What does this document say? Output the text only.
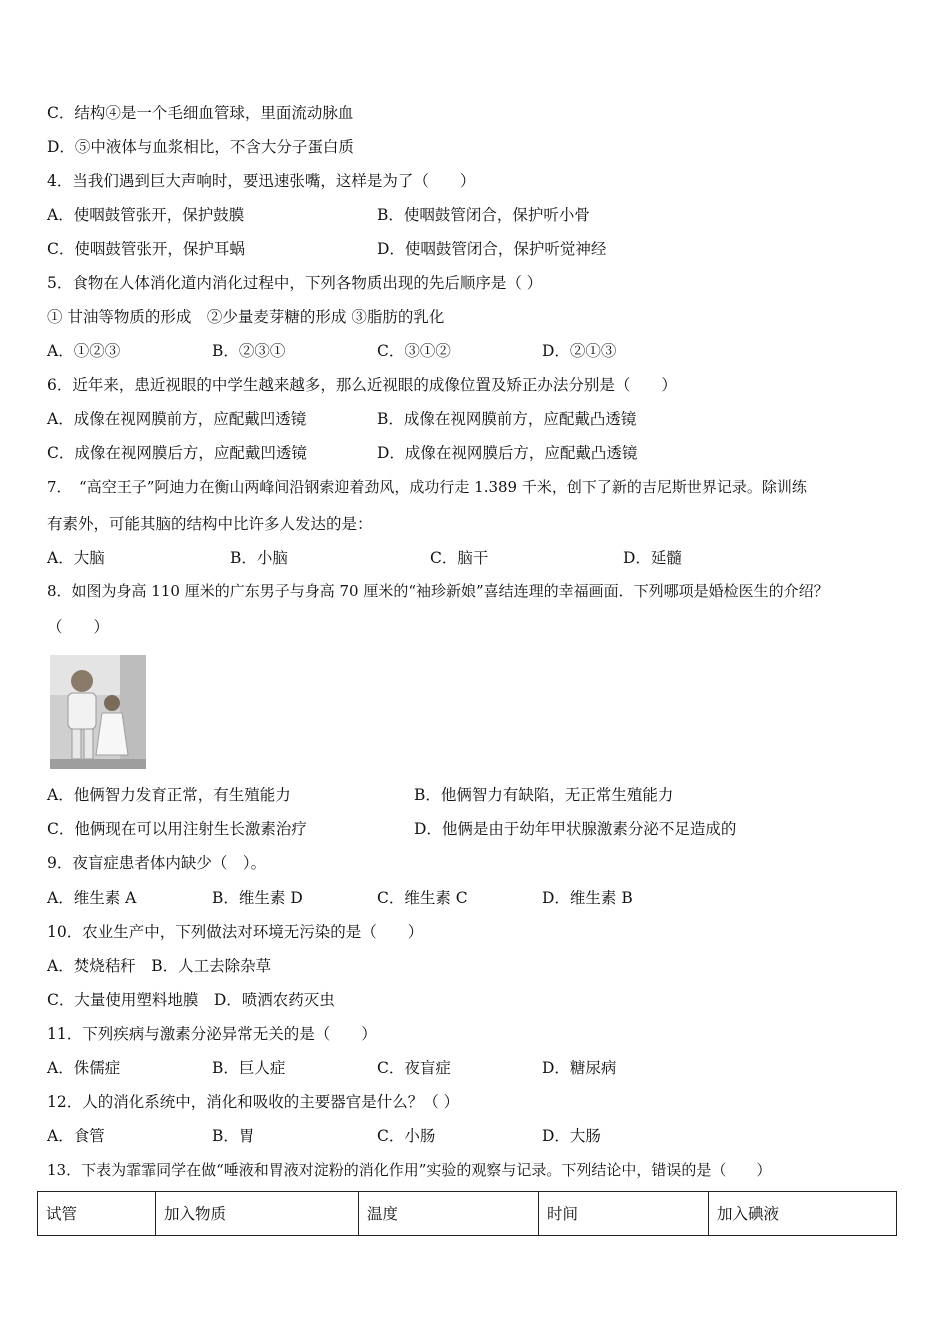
C．结构④是一个毛细血管球，里面流动脉血
D．⑤中液体与血浆相比，不含大分子蛋白质
4．当我们遇到巨大声响时，要迅速张嘴，这样是为了（　　）
A．使咽鼓管张开，保护鼓膜	B．使咽鼓管闭合，保护听小骨
C．使咽鼓管张开，保护耳蜗	D．使咽鼓管闭合，保护听觉神经
5．食物在人体消化道内消化过程中，下列各物质出现的先后顺序是（ ）
① 甘油等物质的形成　②少量麦芽糖的形成 ③脂肪的乳化
A．①②③	B．②③①	C．③①②	D．②①③
6．近年来，患近视眼的中学生越来越多，那么近视眼的成像位置及矫正办法分别是（　　）
A．成像在视网膜前方，应配戴凹透镜	B．成像在视网膜前方，应配戴凸透镜
C．成像在视网膜后方，应配戴凹透镜	D．成像在视网膜后方，应配戴凸透镜
7．　“高空王子”阿迪力在衡山两峰间沿钢索迎着劲风，成功行走 1.389 千米，创下了新的吉尼斯世界记录。除训练
有素外，可能其脑的结构中比许多人发达的是：
A．大脑	B．小脑	C．脑干	D．延髓
8．如图为身高 110 厘米的广东男子与身高 70 厘米的“袖珍新娘”喜结连理的幸福画面．下列哪项是婚检医生的介绍？
（　　）
A．他俩智力发育正常，有生殖能力	B．他俩智力有缺陷，无正常生殖能力
C．他俩现在可以用注射生长激素治疗	D．他俩是由于幼年甲状腺激素分泌不足造成的
9．夜盲症患者体内缺少（　）。
A．维生素 A	B．维生素 D	C．维生素 C	D．维生素 B
10．农业生产中，下列做法对环境无污染的是（　　）
A．焚烧秸秆　B．人工去除杂草
C．大量使用塑料地膜　D．喷洒农药灭虫
11．下列疾病与激素分泌异常无关的是（　　）
A．侏儒症	B．巨人症	C．夜盲症	D．糖尿病
12．人的消化系统中，消化和吸收的主要器官是什么？（ ）
A．食管	B．胃	C．小肠	D．大肠
13．下表为霏霏同学在做“唾液和胃液对淀粉的消化作用”实验的观察与记录。下列结论中，错误的是（　　）
试管	加入物质	温度	时间	加入碘液
